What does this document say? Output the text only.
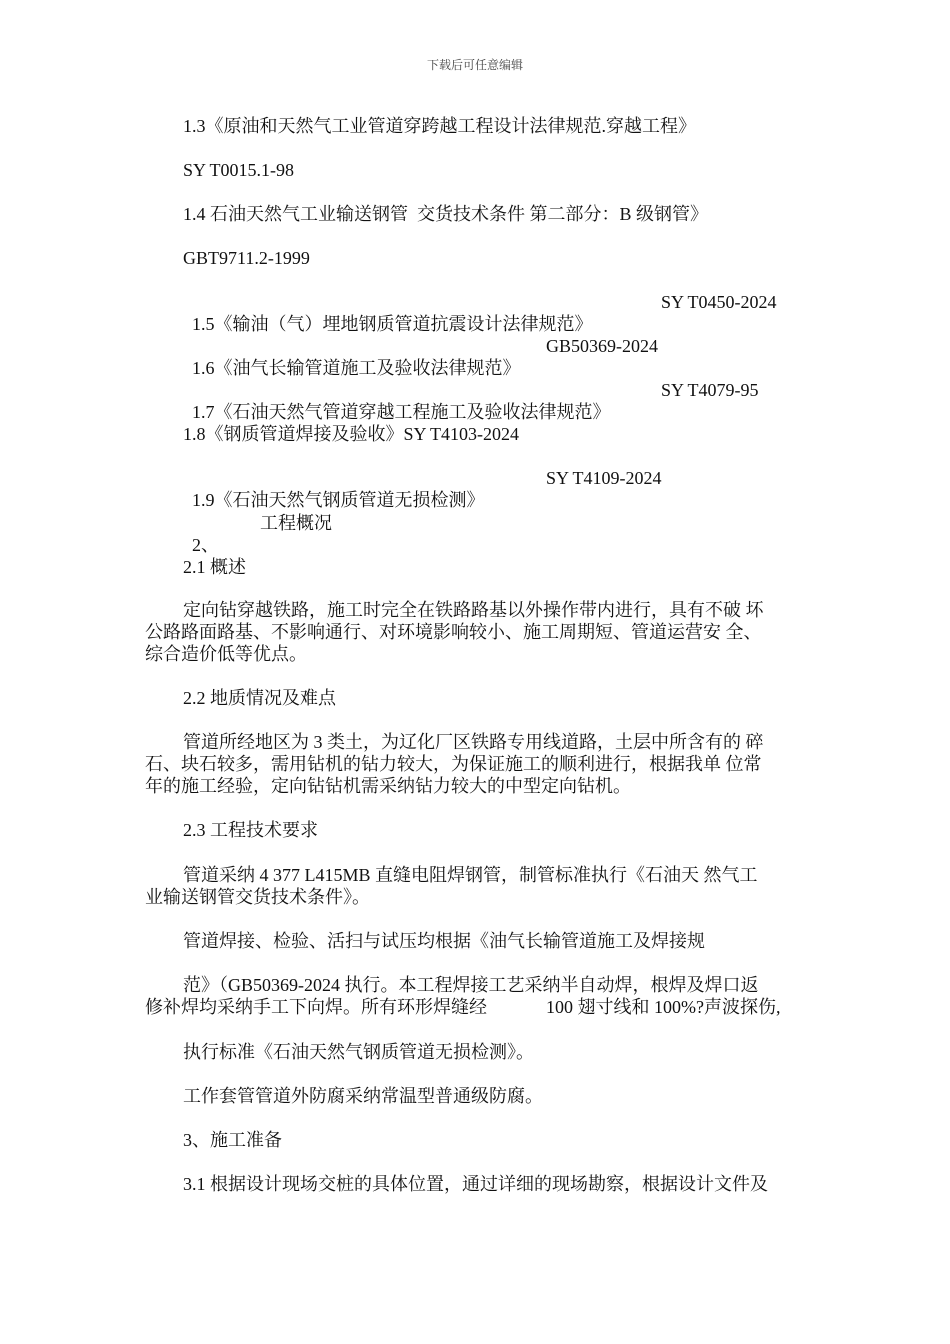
下载后可任意编辑
1.3《原油和天然气工业管道穿跨越工程设计法律规范.穿越工程》
SY T0015.1-98
1.4 石油天然气工业输送钢管  交货技术条件 第二部分：B 级钢管》
GBT9711.2-1999

1.5《输油（气）埋地钢质管道抗震设计法律规范》
SY T0450-2024

1.6《油气长输管道施工及验收法律规范》
GB50369-2024

1.7《石油天然气管道穿越工程施工及验收法律规范》
SY T4079-95

1.8《钢质管道焊接及验收》SY T4103-2024

1.9《石油天然气钢质管道无损检测》
SY T4109-2024

2、
工程概况

2.1 概述
定向钻穿越铁路，施工时完全在铁路路基以外操作带内进行，具有不破 坏
公路路面路基、不影响通行、对环境影响较小、施工周期短、管道运营安 全、
综合造价低等优点。
2.2 地质情况及难点
管道所经地区为 3 类土，为辽化厂区铁路专用线道路，土层中所含有的 碎
石、块石较多，需用钻机的钻力较大，为保证施工的顺利进行，根据我单 位常
年的施工经验，定向钻钻机需采纳钻力较大的中型定向钻机。
2.3 工程技术要求
管道采纳 4 377 L415MB 直缝电阻焊钢管，制管标准执行《石油天 然气工
业输送钢管交货技术条件》。
管道焊接、检验、活扫与试压均根据《油气长输管道施工及焊接规
范》（GB50369-2024 执行。本工程焊接工艺采纳半自动焊，根焊及焊口返
修补焊均采纳手工下向焊。所有环形焊缝经	100 翅寸线和 100%?声波探伤,
执行标准《石油天然气钢质管道无损检测》。
工作套管管道外防腐采纳常温型普通级防腐。
3、施工准备
3.1 根据设计现场交桩的具体位置，通过详细的现场勘察，根据设计文件及
